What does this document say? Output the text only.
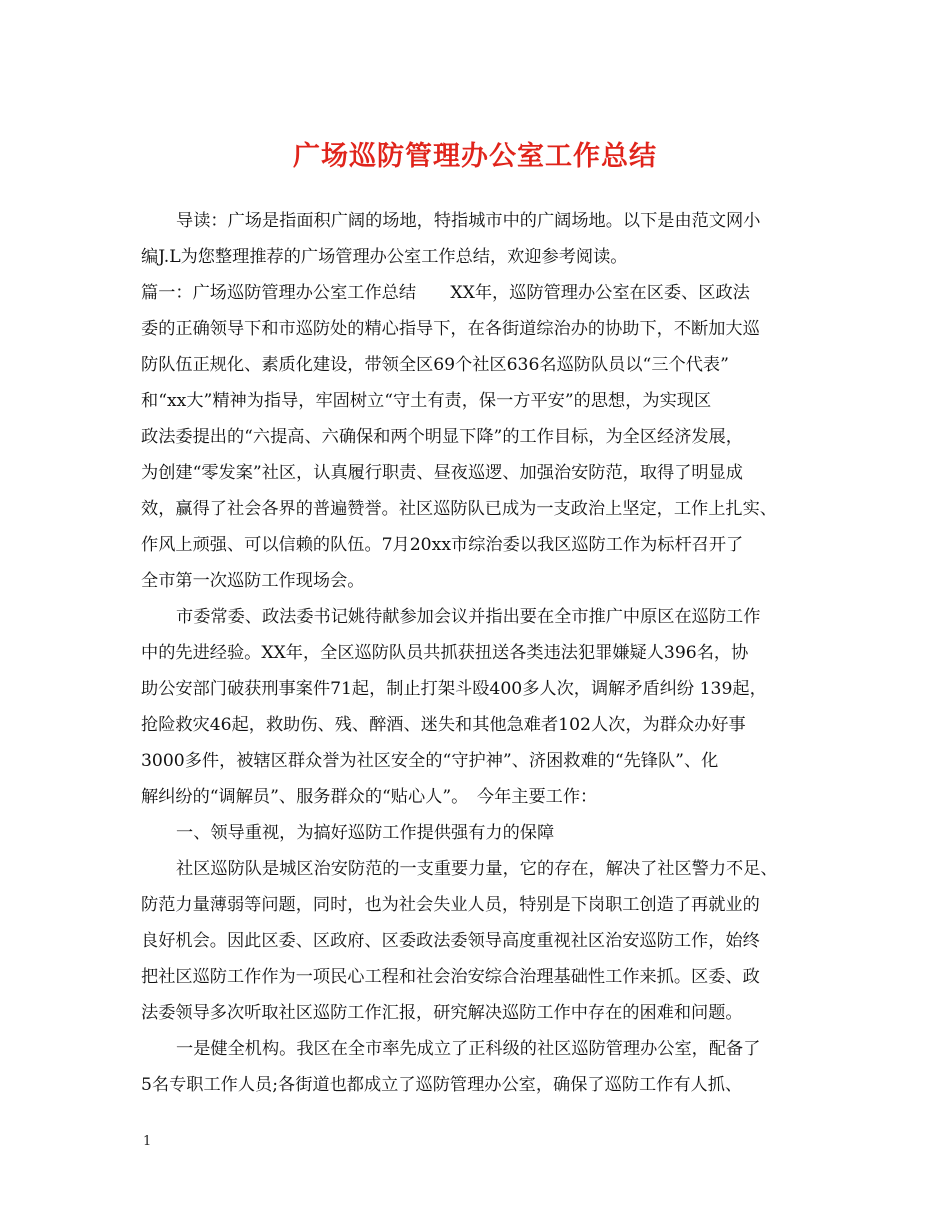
广场巡防管理办公室工作总结
导读：广场是指面积广阔的场地，特指城市中的广阔场地。以下是由范文网小
编J.L为您整理推荐的广场管理办公室工作总结，欢迎参考阅读。
篇一：广场巡防管理办公室工作总结　　XX年，巡防管理办公室在区委、区政法
委的正确领导下和市巡防处的精心指导下，在各街道综治办的协助下，不断加大巡
防队伍正规化、素质化建设，带领全区69个社区636名巡防队员以“三个代表”
和“xx大”精神为指导，牢固树立“守土有责，保一方平安”的思想，为实现区
政法委提出的“六提高、六确保和两个明显下降”的工作目标，为全区经济发展，
为创建“零发案”社区，认真履行职责、昼夜巡逻、加强治安防范，取得了明显成
效，赢得了社会各界的普遍赞誉。社区巡防队已成为一支政治上坚定，工作上扎实、
作风上顽强、可以信赖的队伍。7月20xx市综治委以我区巡防工作为标杆召开了
全市第一次巡防工作现场会。
市委常委、政法委书记姚待献参加会议并指出要在全市推广中原区在巡防工作
中的先进经验。XX年，全区巡防队员共抓获扭送各类违法犯罪嫌疑人396名，协
助公安部门破获刑事案件71起，制止打架斗殴400多人次，调解矛盾纠纷 139起，
抢险救灾46起，救助伤、残、醉酒、迷失和其他急难者102人次，为群众办好事
3000多件，被辖区群众誉为社区安全的“守护神”、济困救难的“先锋队”、化
解纠纷的“调解员”、服务群众的“贴心人”。　今年主要工作：
一、领导重视，为搞好巡防工作提供强有力的保障
社区巡防队是城区治安防范的一支重要力量，它的存在，解决了社区警力不足、
防范力量薄弱等问题，同时，也为社会失业人员，特别是下岗职工创造了再就业的
良好机会。因此区委、区政府、区委政法委领导高度重视社区治安巡防工作，始终
把社区巡防工作作为一项民心工程和社会治安综合治理基础性工作来抓。区委、政
法委领导多次听取社区巡防工作汇报，研究解决巡防工作中存在的困难和问题。
一是健全机构。我区在全市率先成立了正科级的社区巡防管理办公室，配备了
5名专职工作人员;各街道也都成立了巡防管理办公室，确保了巡防工作有人抓、
1
